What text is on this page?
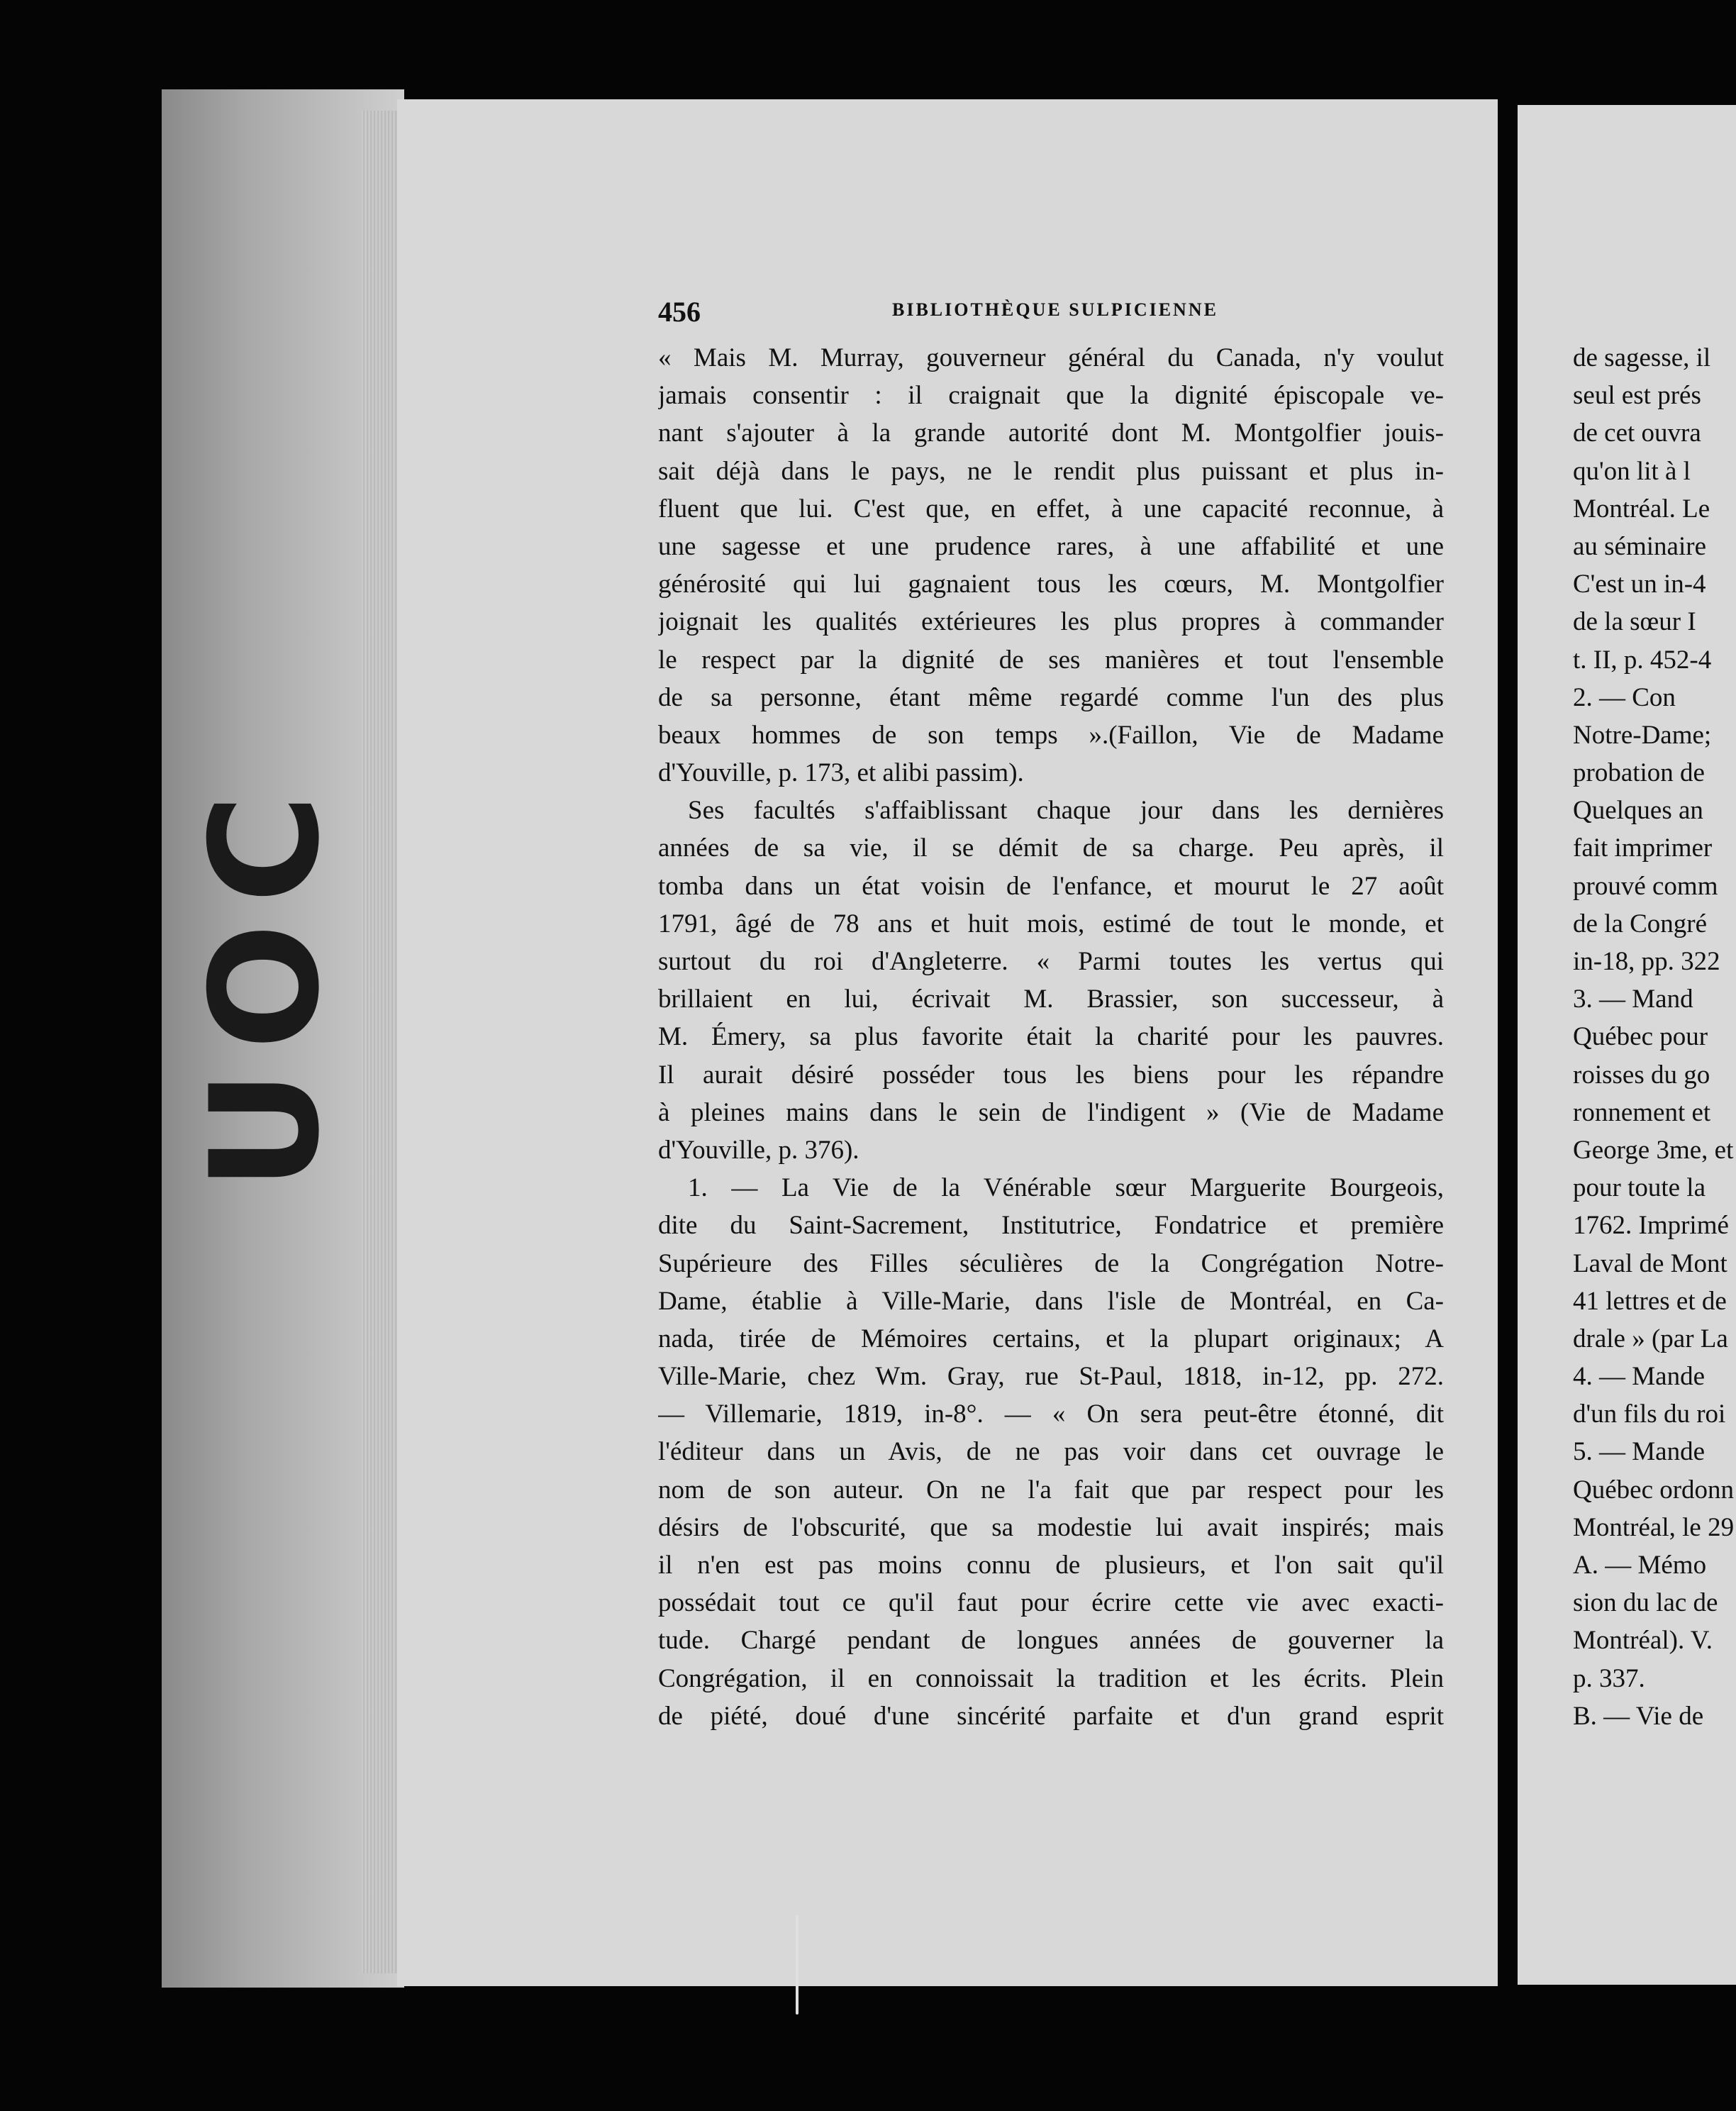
UOC
456	BIBLIOTHÈQUE SULPICIENNE
« Mais M. Murray, gouverneur général du Canada, n'y voulut
jamais consentir : il craignait que la dignité épiscopale ve-
nant s'ajouter à la grande autorité dont M. Montgolfier jouis-
sait déjà dans le pays, ne le rendit plus puissant et plus in-
fluent que lui. C'est que, en effet, à une capacité reconnue, à
une sagesse et une prudence rares, à une affabilité et une
générosité qui lui gagnaient tous les cœurs, M. Montgolfier
joignait les qualités extérieures les plus propres à commander
le respect par la dignité de ses manières et tout l'ensemble
de sa personne, étant même regardé comme l'un des plus
beaux hommes de son temps ».(Faillon, Vie de Madame
d'Youville, p. 173, et alibi passim).
Ses facultés s'affaiblissant chaque jour dans les dernières
années de sa vie, il se démit de sa charge. Peu après, il
tomba dans un état voisin de l'enfance, et mourut le 27 août
1791, âgé de 78 ans et huit mois, estimé de tout le monde, et
surtout du roi d'Angleterre. « Parmi toutes les vertus qui
brillaient en lui, écrivait M. Brassier, son successeur, à
M. Émery, sa plus favorite était la charité pour les pauvres.
Il aurait désiré posséder tous les biens pour les répandre
à pleines mains dans le sein de l'indigent » (Vie de Madame
d'Youville, p. 376).
1. — La Vie de la Vénérable sœur Marguerite Bourgeois,
dite du Saint-Sacrement, Institutrice, Fondatrice et première
Supérieure des Filles séculières de la Congrégation Notre-
Dame, établie à Ville-Marie, dans l'isle de Montréal, en Ca-
nada, tirée de Mémoires certains, et la plupart originaux; A
Ville-Marie, chez Wm. Gray, rue St-Paul, 1818, in-12, pp. 272.
— Villemarie, 1819, in-8°. — « On sera peut-être étonné, dit
l'éditeur dans un Avis, de ne pas voir dans cet ouvrage le
nom de son auteur. On ne l'a fait que par respect pour les
désirs de l'obscurité, que sa modestie lui avait inspirés; mais
il n'en est pas moins connu de plusieurs, et l'on sait qu'il
possédait tout ce qu'il faut pour écrire cette vie avec exacti-
tude. Chargé pendant de longues années de gouverner la
Congrégation, il en connoissait la tradition et les écrits. Plein
de piété, doué d'une sincérité parfaite et d'un grand esprit
de sagesse, il
seul est prés
de cet ouvra
qu'on lit à l
Montréal. Le
au séminaire
C'est un in-4
de la sœur I
t. II, p. 452-4
2. — Con
Notre-Dame;
probation de
Quelques an
fait imprimer
prouvé comm
de la Congré
in-18, pp. 322
3. — Mand
Québec pour
roisses du go
ronnement et
George 3me, et
pour toute la
1762. Imprimé
Laval de Mont
41 lettres et de
drale » (par La
4. — Mande
d'un fils du roi
5. — Mande
Québec ordonn
Montréal, le 29
A. — Mémo
sion du lac de
Montréal). V.
p. 337.
B. — Vie de
